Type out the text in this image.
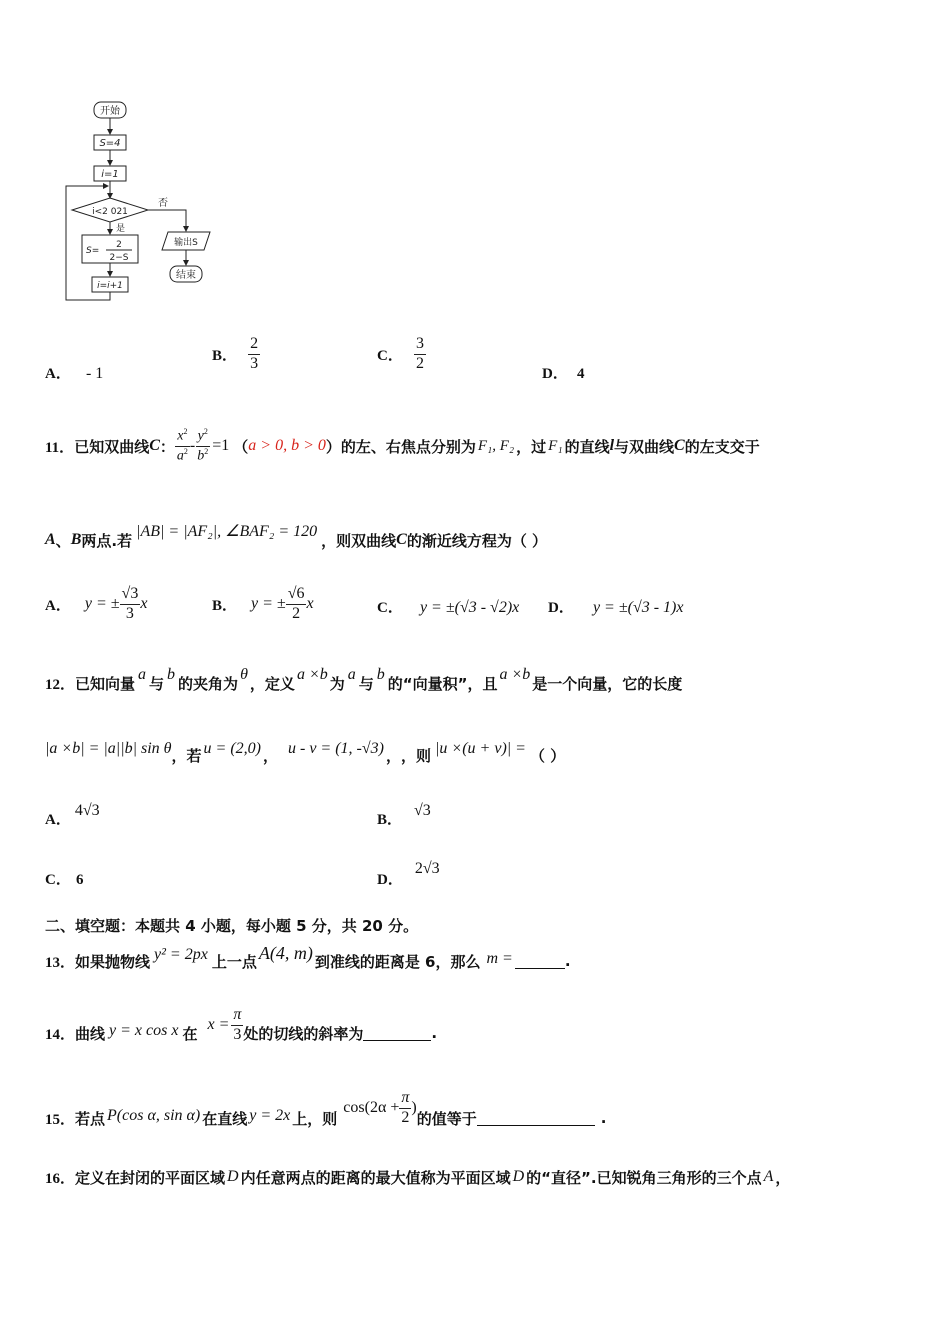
开始
S=4
i=1
i<2 021
否
是
输出S
结束
S=
2
2−S
i=i+1
A． - 1
B． $\frac{2}{3}$	C． $\frac{3}{2}$
D． 4
11． 已知双曲线 C ： $\frac{x^2}{a^2} - \frac{y^2}{b^2} =1$ （ a > 0, b > 0 ） 的左、右焦点分别为 F₁, F₂ ，过 F₁ 的直线 l 与双曲线 C 的左支交于
A 、 B 两点.若 |AB| = |AF₂|, ∠BAF₂ = 120 ，则双曲线 C 的渐近线方程为（ ）
A． y = ± $\frac{√3}{3}$ x	B． y = ± $\frac{√6}{2}$ x	C． y = ±(√3 - √2)x D． y = ±(√3 - 1)x
12． 已知向量 a 与 b 的夹角为 θ ，定义 a ×b 为 a 与 b 的“向量积”，且 a ×b 是一个向量，它的长度
|a ×b| = |a||b| sin θ ，若 u = (2,0) ， u - v = (1, -√3) ， ，则 |u ×(u + v)| = （ ）
A．
4√3
B．
√3
C． 6	D．
2√3
二、填空题：本题共 4 小题，每小题 5 分，共 20 分。
13． 如果抛物线 y² = 2px 上一点 A(4, m) 到准线的距离是 6，那么 m =	.
14． 曲线 y = x cos x 在 $x = \frac{\pi}{3}$ 处的切线的斜率为	.
15． 若点 P(cos α, sin α) 在直线 y = 2x 上，则
$\cos(2\alpha + \frac{\pi}{2}$ )
的值等于	.
16． 定义在封闭的平面区域 D 内任意两点的距离的最大值称为平面区域 D 的“直径”.已知锐角三角形的三个点 A ，
